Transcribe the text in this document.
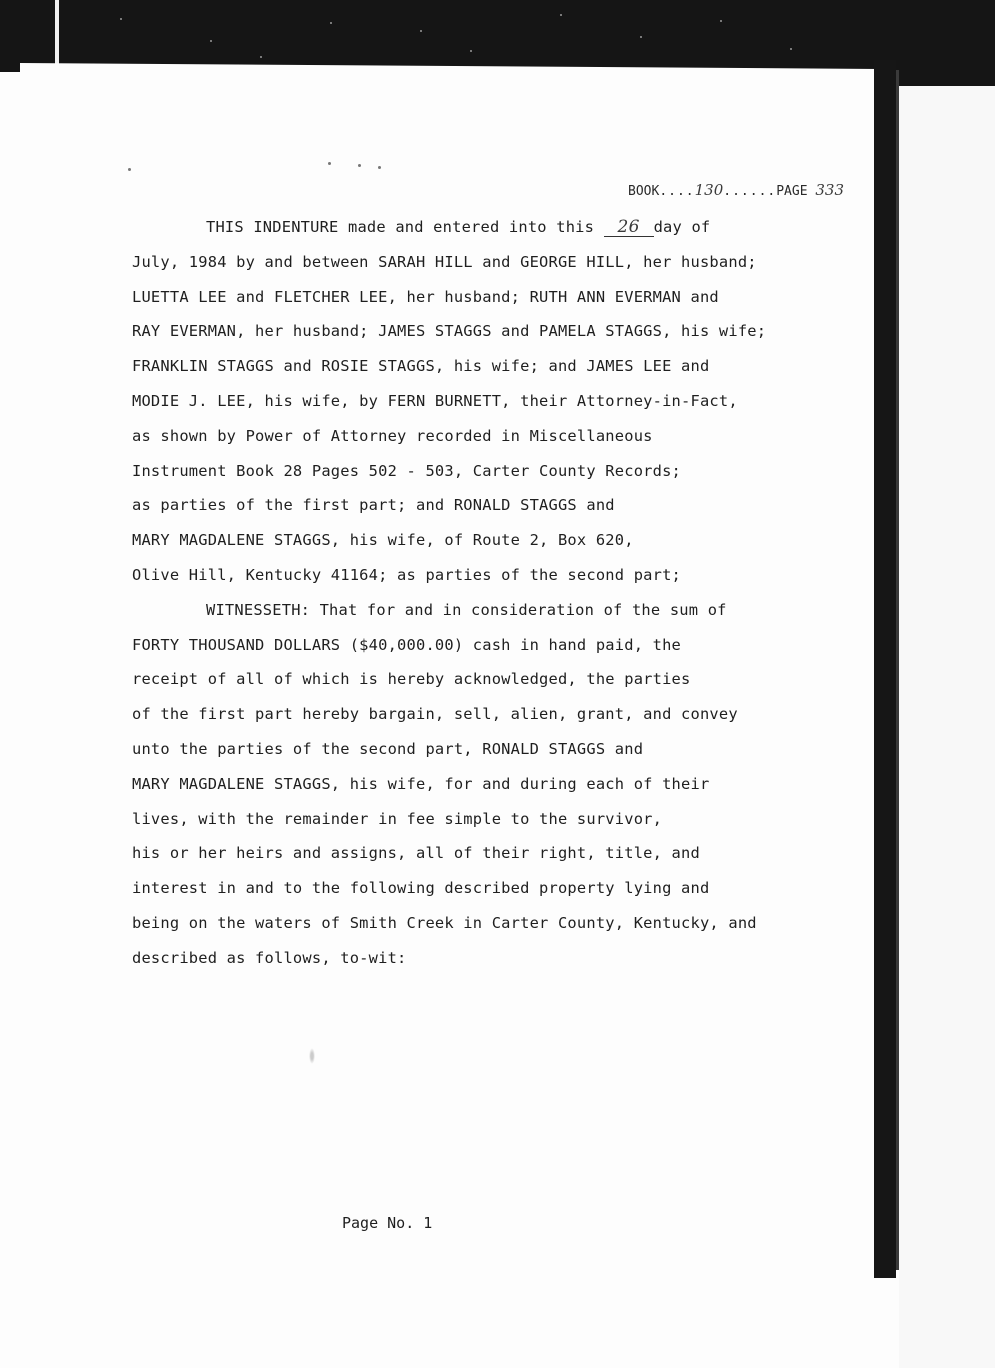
BOOK....130......PAGE 333
THIS INDENTURE made and entered into this 26 day of
July, 1984 by and between SARAH HILL and GEORGE HILL, her husband;
LUETTA LEE and FLETCHER LEE, her husband; RUTH ANN EVERMAN and
RAY EVERMAN, her husband; JAMES STAGGS and PAMELA STAGGS, his wife;
FRANKLIN STAGGS and ROSIE STAGGS, his wife; and JAMES LEE and
MODIE J. LEE, his wife, by FERN BURNETT, their Attorney-in-Fact,
as shown by Power of Attorney recorded in Miscellaneous
Instrument Book 28 Pages 502 - 503, Carter County Records;
as parties of the first part; and RONALD STAGGS and
MARY MAGDALENE STAGGS, his wife, of Route 2, Box 620,
Olive Hill, Kentucky 41164; as parties of the second part;
WITNESSETH: That for and in consideration of the sum of
FORTY THOUSAND DOLLARS ($40,000.00) cash in hand paid, the
receipt of all of which is hereby acknowledged, the parties
of the first part hereby bargain, sell, alien, grant, and convey
unto the parties of the second part, RONALD STAGGS and
MARY MAGDALENE STAGGS, his wife, for and during each of their
lives, with the remainder in fee simple to the survivor,
his or her heirs and assigns, all of their right, title, and
interest in and to the following described property lying and
being on the waters of Smith Creek in Carter County, Kentucky, and
described as follows, to-wit:
Page No. 1
